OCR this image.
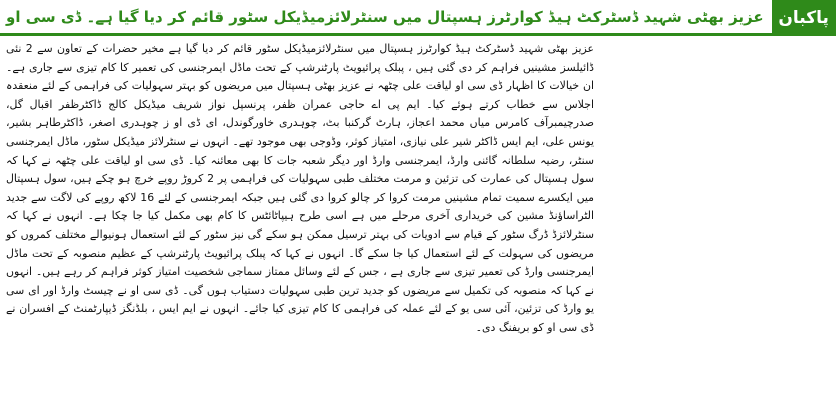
عزیز بھٹی شہید ڈسٹرکٹ ہیڈ کوارٹرز ہسپتال میں سنٹرلائزمیڈیکل سٹور قائم کر دیا گیا ہے۔ ڈی سی او پاکبان
عزیز بھٹی شہید ڈسٹرکٹ ہیڈ کوارٹرز ہسپتال میں سنٹرلائزمیڈیکل سٹور قائم کر دیا گیا ہے مخیر حضرات کے تعاون سے 2 نئی ڈائیلسز مشینیں فراہم کر دی گئی ہیں ، پبلک پرائیویٹ پارٹنرشپ کے تحت ماڈل ایمرجنسی کی تعمیر کا کام تیزی سے جاری ہے۔ ان خیالات کا اظہار ڈی سی او لیاقت علی چٹھہ نے عزیز بھٹی ہسپتال میں مریضوں کو بہتر سہولیات کی فراہمی کے لئے منعقدہ اجلاس سے خطاب کرتے ہوئے کیا۔ ایم پی اے حاجی عمران ظفر، پرنسپل نواز شریف میڈیکل کالج ڈاکٹرظفر اقبال گل، صدرچیمبرآف کامرس میاں محمد اعجاز، ہارٹ گرکنبا بٹ، چوہدری خاورگوندل، ای ڈی او ز چوہدری اصغر، ڈاکٹرطاہر بشیر، یونس علی، ایم ایس ڈاکٹر شیر علی نیازی، امتیاز کوثر، وڈوجی بھی موجود تھے۔ انہوں نے سنٹرلائز میڈیکل سٹور، ماڈل ایمرجنسی سنٹر، رضیہ سلطانہ گائنی وارڈ، ایمرجنسی وارڈ اور دیگر شعبہ جات کا بھی معائنہ کیا۔ ڈی سی او لیاقت علی چٹھہ نے کہا کہ سول ہسپتال کی عمارت کی تزئین و مرمت مختلف طبی سہولیات کی فراہمی پر 2 کروڑ روپے خرچ ہو چکے ہیں، سول ہسپتال میں ایکسرے سمیت تمام مشینیں مرمت کروا کر چالو کروا دی گئی ہیں جبکہ ایمرجنسی کے لئے 16 لاکھ روپے کی لاگت سے جدید الٹراساؤنڈ مشین کی خریداری آخری مرحلے میں ہے اسی طرح ہیپاٹائٹس کا کام بھی مکمل کیا جا چکا ہے۔ انہوں نے کہا کہ سنٹرلائزڈ ڈرگ سٹور کے قیام سے ادویات کی بہتر ترسیل ممکن ہو سکے گی نیز سٹور کے لئے استعمال ہونیوالے مختلف کمروں کو مریضوں کی سہولت کے لئے استعمال کیا جا سکے گا۔ انہوں نے کہا کہ پبلک پرائیویٹ پارٹنرشپ کے عظیم منصوبہ کے تحت ماڈل ایمرجنسی وارڈ کی تعمیر تیزی سے جاری ہے ، جس کے لئے وسائل ممتاز سماجی شخصیت امتیاز کوثر فراہم کر رہے ہیں۔ انہوں نے کہا کہ منصوبہ کی تکمیل سے مریضوں کو جدید ترین طبی سہولیات دستیاب ہوں گی۔ ڈی سی او نے چیسٹ وارڈ اور ای سی یو وارڈ کی تزئین، آئی سی یو کے لئے عملہ کی فراہمی کا کام تیزی کیا جائے۔ انہوں نے ایم ایس ، بلڈنگز ڈیپارٹمنٹ کے افسران نے ڈی سی او کو بریفنگ دی۔
